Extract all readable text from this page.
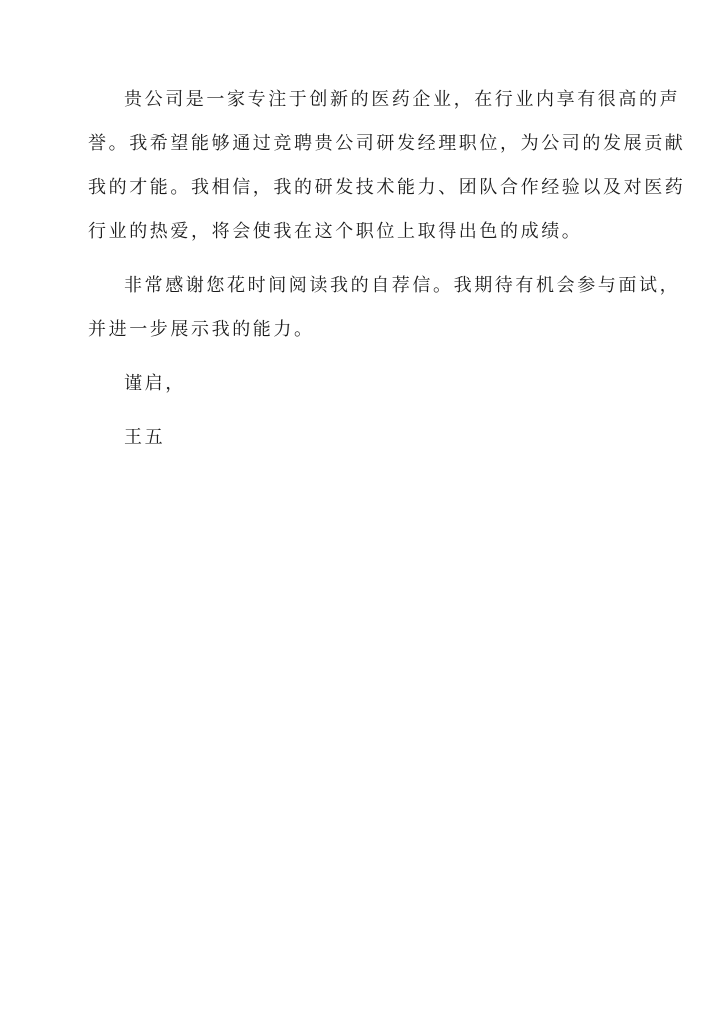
贵公司是一家专注于创新的医药企业，在行业内享有很高的声
誉。我希望能够通过竞聘贵公司研发经理职位，为公司的发展贡献
我的才能。我相信，我的研发技术能力、团队合作经验以及对医药
行业的热爱，将会使我在这个职位上取得出色的成绩。
非常感谢您花时间阅读我的自荐信。我期待有机会参与面试，
并进一步展示我的能力。
谨启，
王五
